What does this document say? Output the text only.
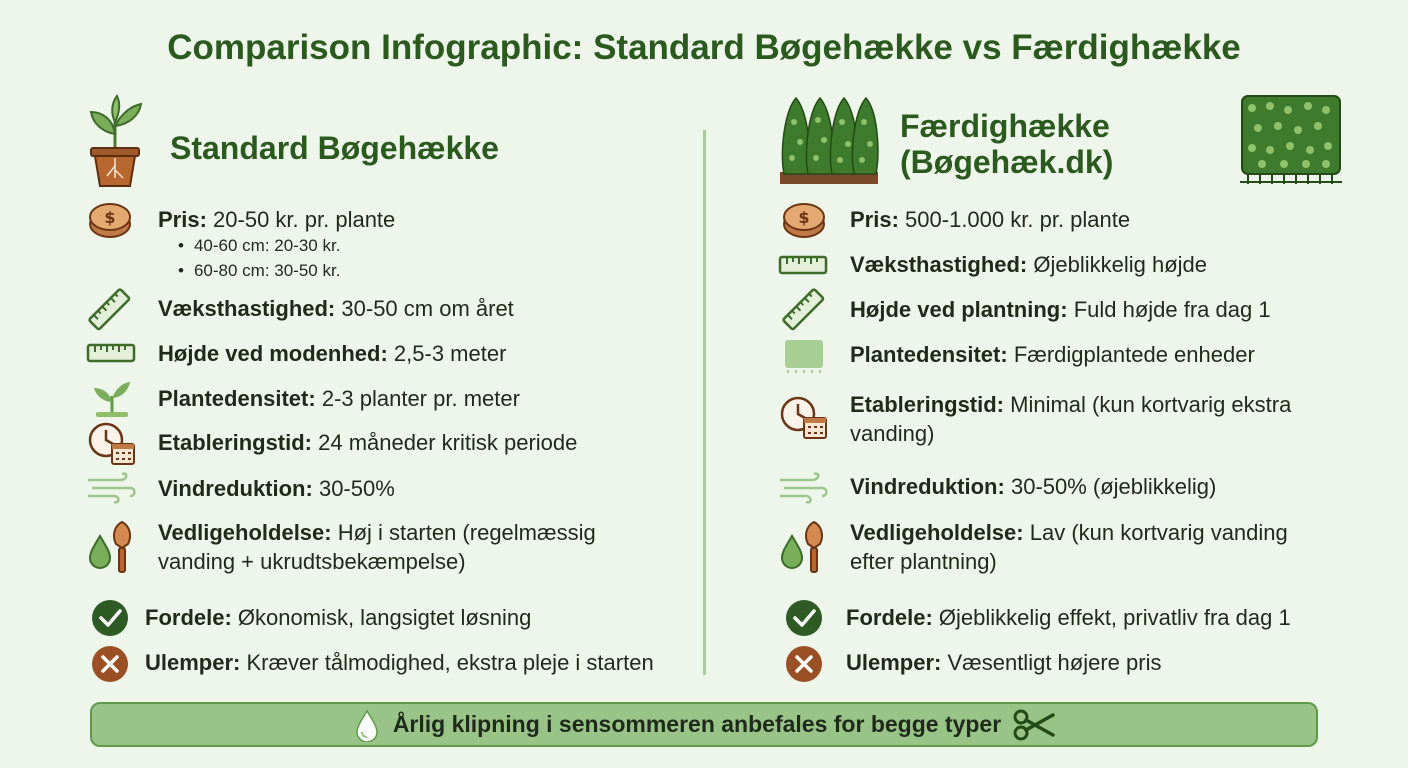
Comparison Infographic: Standard Bøgehække vs Færdighække
Standard Bøgehække
$ Pris: 20-50 kr. pr. plante
• 40-60 cm: 20-30 kr.
• 60-80 cm: 30-50 kr.
Væksthastighed: 30-50 cm om året
Højde ved modenhed: 2,5-3 meter
Plantedensitet: 2-3 planter pr. meter
Etableringstid: 24 måneder kritisk periode
Vindreduktion: 30-50%
Vedligeholdelse: Høj i starten (regelmæssig
vanding + ukrudtsbekæmpelse)
Fordele: Økonomisk, langsigtet løsning
Ulemper: Kræver tålmodighed, ekstra pleje i starten
Færdighække
(Bøgehæk.dk)
$ Pris: 500-1.000 kr. pr. plante
Væksthastighed: Øjeblikkelig højde
Højde ved plantning: Fuld højde fra dag 1
Plantedensitet: Færdigplantede enheder
Etableringstid: Minimal (kun kortvarig ekstra
vanding)
Vindreduktion: 30-50% (øjeblikkelig)
Vedligeholdelse: Lav (kun kortvarig vanding
efter plantning)
Fordele: Øjeblikkelig effekt, privatliv fra dag 1
Ulemper: Væsentligt højere pris
Årlig klipning i sensommeren anbefales for begge typer
